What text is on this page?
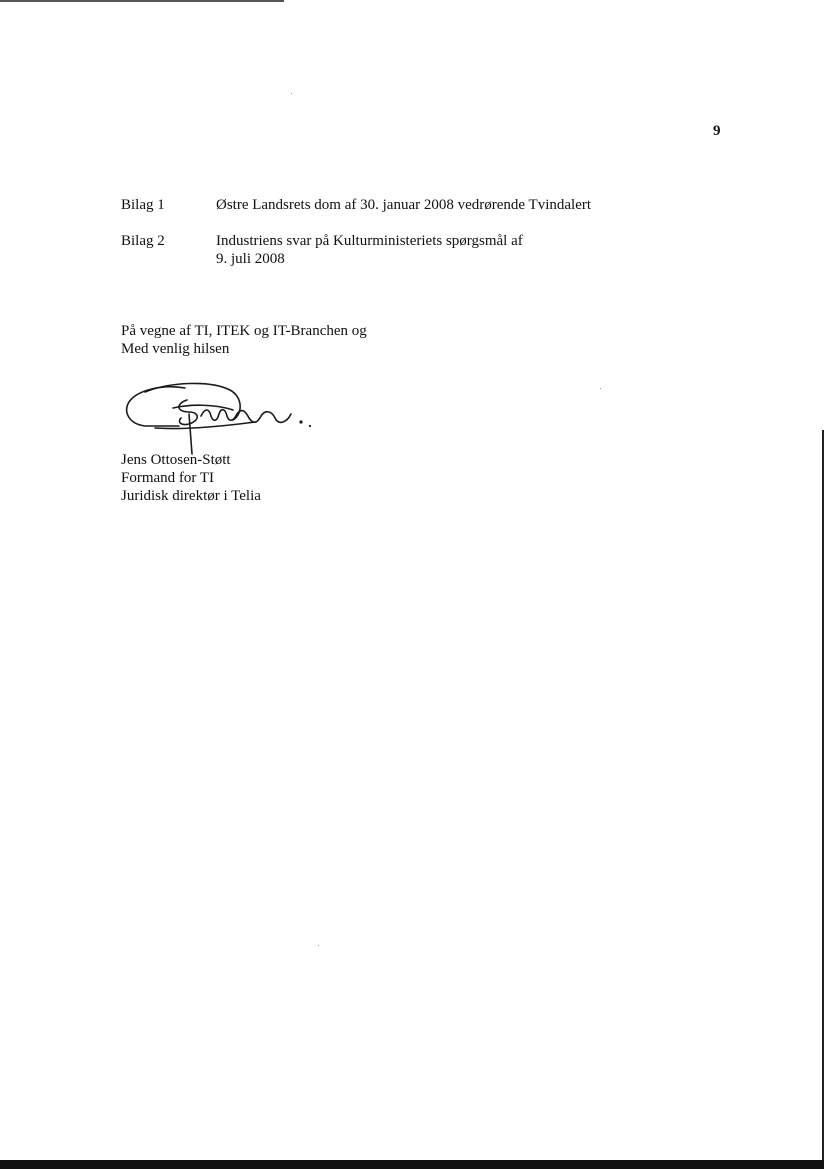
9
Bilag 1	Østre Landsrets dom af 30. januar 2008 vedrørende Tvindalert
Bilag 2	Industriens svar på Kulturministeriets spørgsmål af
9. juli 2008
På vegne af TI, ITEK og IT-Branchen og
Med venlig hilsen
Jens Ottosen-Støtt
Formand for TI
Juridisk direktør i Telia
